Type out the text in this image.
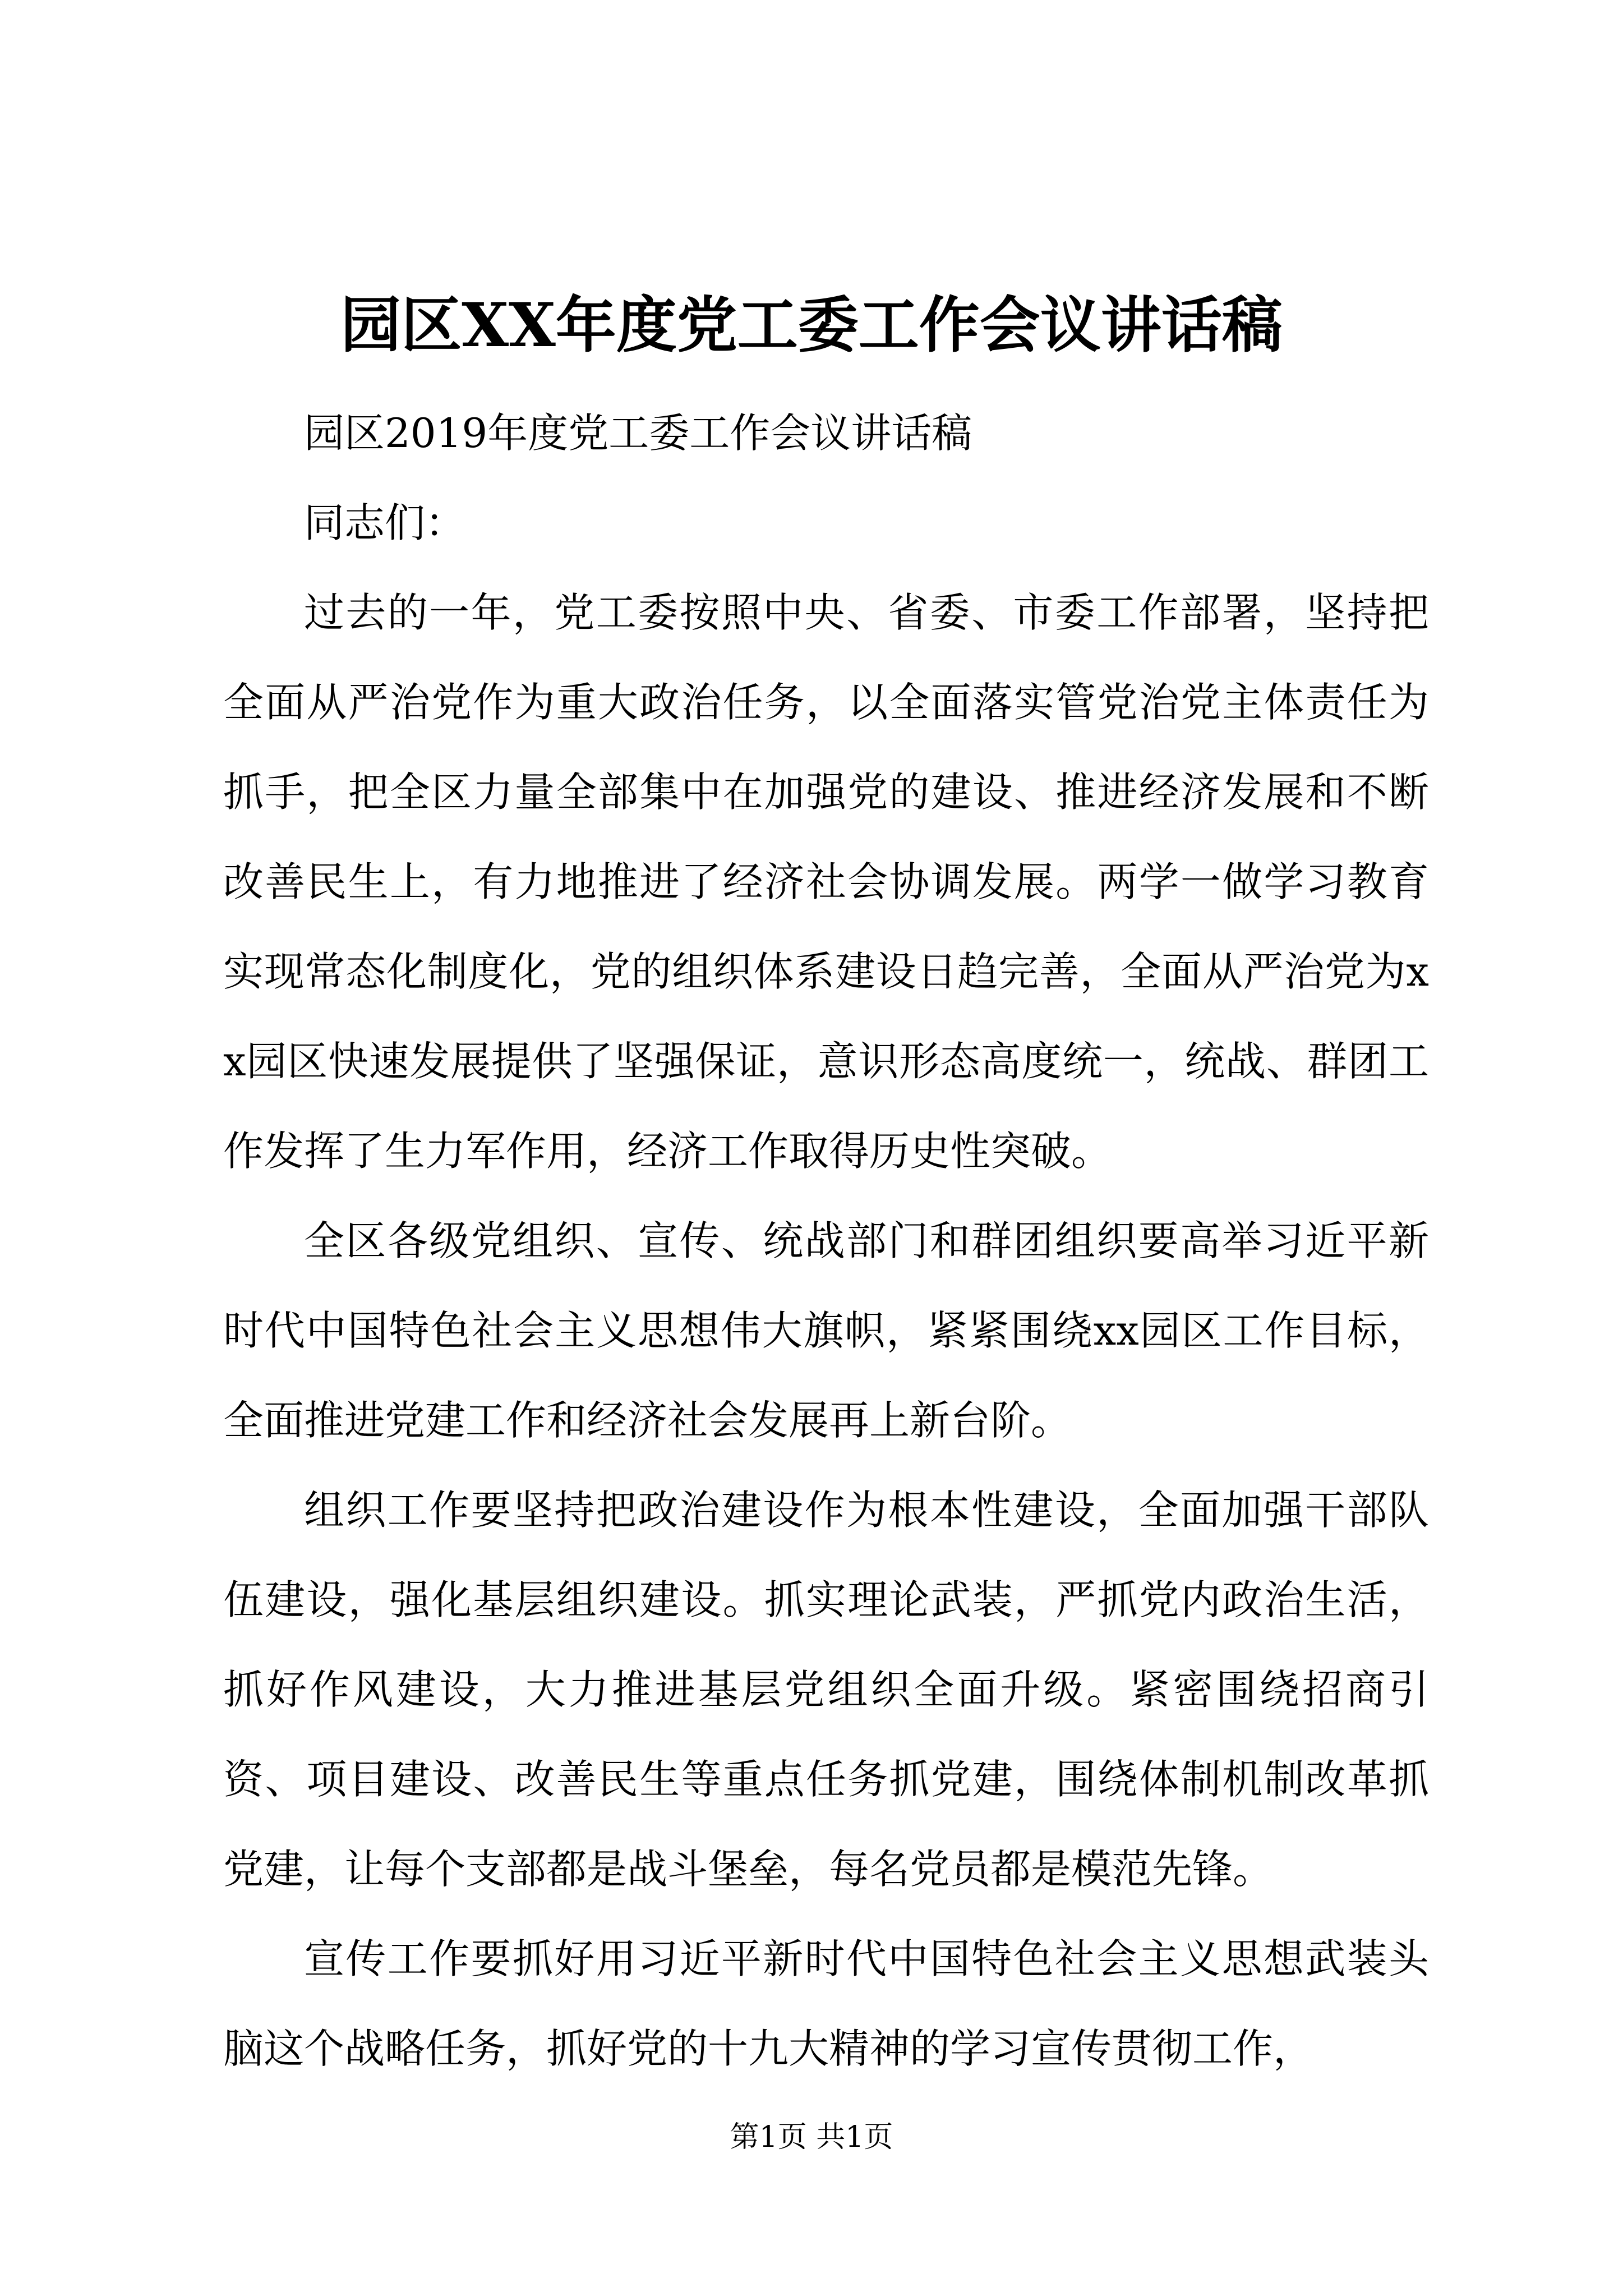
园区XX年度党工委工作会议讲话稿

园区2019年度党工委工作会议讲话稿

同志们：

过去的一年，党工委按照中央、省委、市委工作部署，坚持把全面从严治党作为重大政治任务，以全面落实管党治党主体责任为抓手，把全区力量全部集中在加强党的建设、推进经济发展和不断改善民生上，有力地推进了经济社会协调发展。两学一做学习教育实现常态化制度化，党的组织体系建设日趋完善，全面从严治党为xx园区快速发展提供了坚强保证，意识形态高度统一，统战、群团工作发挥了生力军作用，经济工作取得历史性突破。

全区各级党组织、宣传、统战部门和群团组织要高举习近平新时代中国特色社会主义思想伟大旗帜，紧紧围绕xx园区工作目标，全面推进党建工作和经济社会发展再上新台阶。

组织工作要坚持把政治建设作为根本性建设，全面加强干部队伍建设，强化基层组织建设。抓实理论武装，严抓党内政治生活，抓好作风建设，大力推进基层党组织全面升级。紧密围绕招商引资、项目建设、改善民生等重点任务抓党建，围绕体制机制改革抓党建，让每个支部都是战斗堡垒，每名党员都是模范先锋。

宣传工作要抓好用习近平新时代中国特色社会主义思想武装头脑这个战略任务，抓好党的十九大精神的学习宣传贯彻工作，

第1页 共1页
